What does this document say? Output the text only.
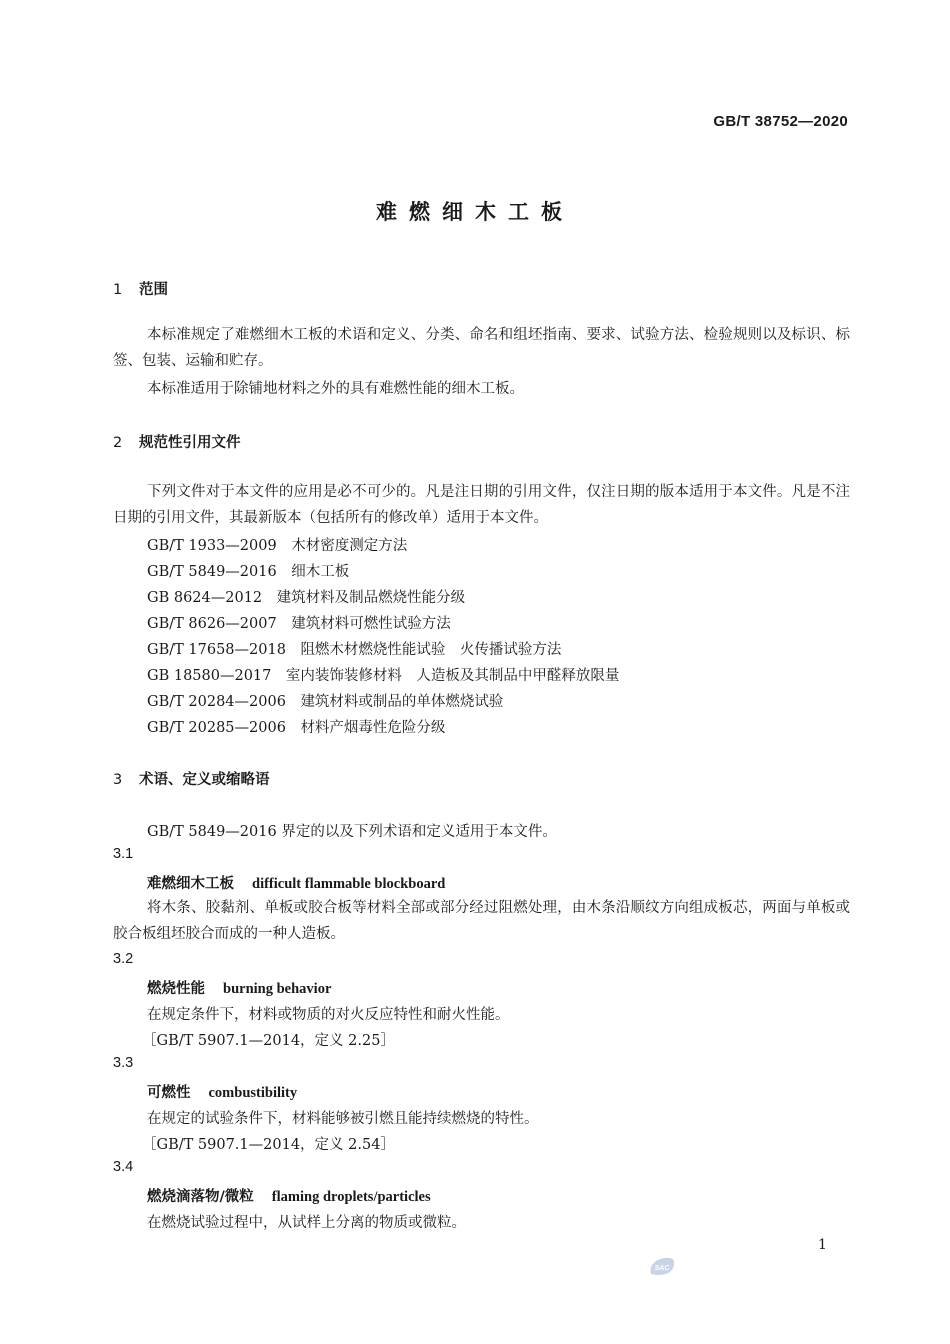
GB/T 38752—2020
难燃细木工板
1 范围
本标准规定了难燃细木工板的术语和定义、分类、命名和组坯指南、要求、试验方法、检验规则以及标识、标签、包装、运输和贮存。
本标准适用于除铺地材料之外的具有难燃性能的细木工板。
2 规范性引用文件
下列文件对于本文件的应用是必不可少的。凡是注日期的引用文件，仅注日期的版本适用于本文件。凡是不注日期的引用文件，其最新版本（包括所有的修改单）适用于本文件。
GB/T 1933—2009　 木材密度测定方法
GB/T 5849—2016　 细木工板
GB 8624—2012　 建筑材料及制品燃烧性能分级
GB/T 8626—2007　 建筑材料可燃性试验方法
GB/T 17658—2018　 阻燃木材燃烧性能试验　火传播试验方法
GB 18580—2017　 室内装饰装修材料　人造板及其制品中甲醛释放限量
GB/T 20284—2006　 建筑材料或制品的单体燃烧试验
GB/T 20285—2006　 材料产烟毒性危险分级
3 术语、定义或缩略语
GB/T 5849—2016 界定的以及下列术语和定义适用于本文件。
3.1
难燃细木工板 difficult flammable blockboard
将木条、胶黏剂、单板或胶合板等材料全部或部分经过阻燃处理，由木条沿顺纹方向组成板芯，两面与单板或胶合板组坯胶合而成的一种人造板。
3.2
燃烧性能 burning behavior
在规定条件下，材料或物质的对火反应特性和耐火性能。
［GB/T 5907.1—2014，定义 2.25］
3.3
可燃性 combustibility
在规定的试验条件下，材料能够被引燃且能持续燃烧的特性。
［GB/T 5907.1—2014，定义 2.54］
3.4
燃烧滴落物/微粒 flaming droplets/particles
在燃烧试验过程中，从试样上分离的物质或微粒。
1
SAC
